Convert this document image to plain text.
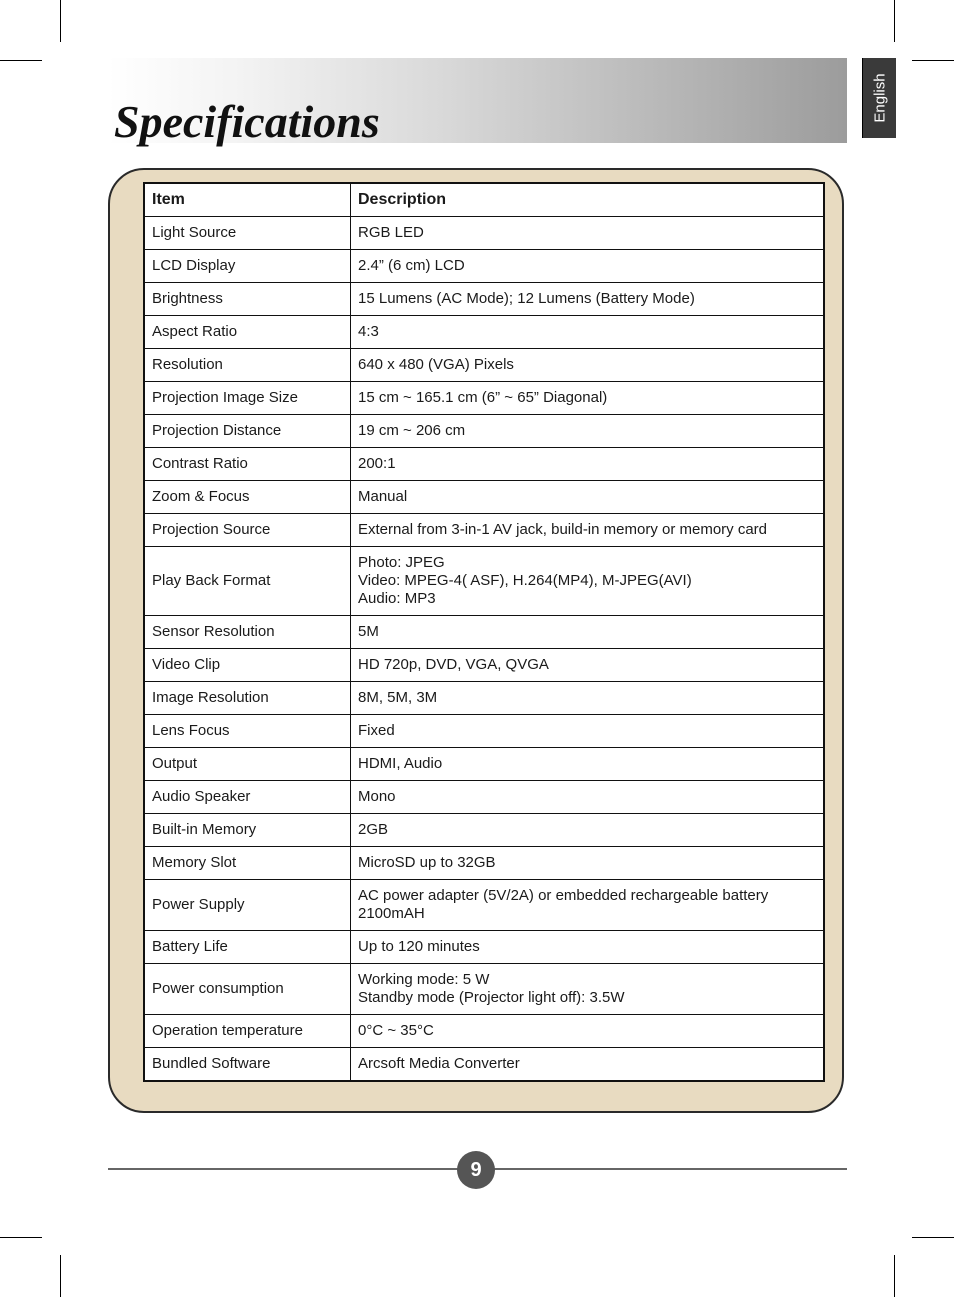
Specifications	English
Item	Description
Light Source	RGB LED

LCD Display	2.4” (6 cm) LCD

Brightness	15 Lumens (AC Mode); 12 Lumens (Battery Mode)

Aspect Ratio	4:3

Resolution	640 x 480 (VGA) Pixels

Projection Image Size	15 cm ~ 165.1 cm (6” ~ 65” Diagonal)

Projection Distance	19 cm ~ 206 cm

Contrast Ratio	200:1

Zoom & Focus	Manual

Projection Source	External from 3-in-1 AV jack, build-in memory or memory card

Play Back Format	Photo: JPEG
Video: MPEG-4( ASF), H.264(MP4), M-JPEG(AVI)
Audio: MP3

Sensor Resolution	5M

Video Clip	HD 720p, DVD, VGA, QVGA

Image Resolution	8M, 5M, 3M

Lens Focus	Fixed

Output	HDMI, Audio

Audio Speaker	Mono

Built-in Memory	2GB

Memory Slot	MicroSD up to 32GB

Power Supply	AC power adapter (5V/2A) or embedded rechargeable battery
2100mAH

Battery Life	Up to 120 minutes

Power consumption	Working mode: 5 W
Standby mode (Projector light off): 3.5W

Operation temperature	0°C ~ 35°C

Bundled Software	Arcsoft Media Converter
9
